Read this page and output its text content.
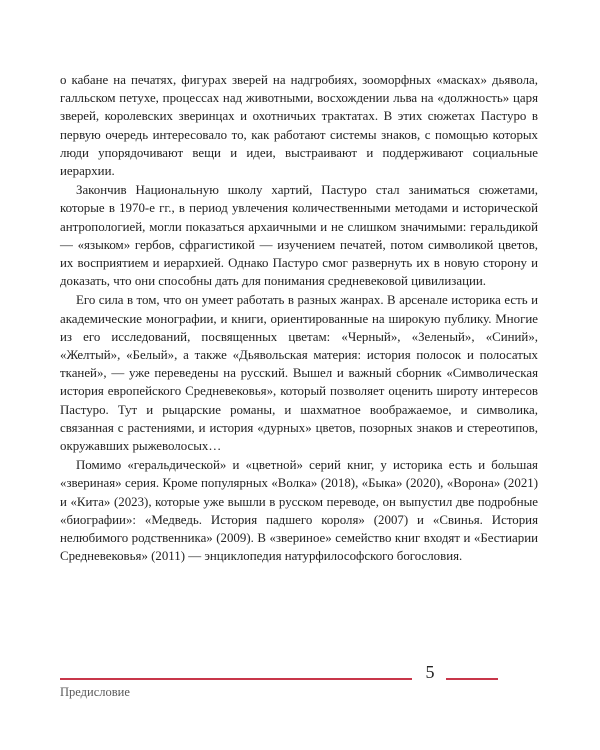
о кабане на печатях, фигурах зверей на надгробиях, зооморфных «масках» дьявола, галльском петухе, процессах над животными, восхождении льва на «должность» царя зверей, королевских зверинцах и охотничьих трактатах. В этих сюжетах Пастуро в первую очередь интересовало то, как работают системы знаков, с помощью которых люди упорядочивают вещи и идеи, выстраивают и поддерживают социальные иерархии.

Закончив Национальную школу хартий, Пастуро стал заниматься сюжетами, которые в 1970-е гг., в период увлечения количественными методами и исторической антропологией, могли показаться архаичными и не слишком значимыми: геральдикой — «языком» гербов, сфрагистикой — изучением печатей, потом символикой цветов, их восприятием и иерархией. Однако Пастуро смог развернуть их в новую сторону и доказать, что они способны дать для понимания средневековой цивилизации.

Его сила в том, что он умеет работать в разных жанрах. В арсенале историка есть и академические монографии, и книги, ориентированные на широкую публику. Многие из его исследований, посвященных цветам: «Черный», «Зеленый», «Синий», «Желтый», «Белый», а также «Дьявольская материя: история полосок и полосатых тканей», — уже переведены на русский. Вышел и важный сборник «Символическая история европейского Средневековья», который позволяет оценить широту интересов Пастуро. Тут и рыцарские романы, и шахматное воображаемое, и символика, связанная с растениями, и история «дурных» цветов, позорных знаков и стереотипов, окружавших рыжеволосых…

Помимо «геральдической» и «цветной» серий книг, у историка есть и большая «звериная» серия. Кроме популярных «Волка» (2018), «Быка» (2020), «Ворона» (2021) и «Кита» (2023), которые уже вышли в русском переводе, он выпустил две подробные «биографии»: «Медведь. История падшего короля» (2007) и «Свинья. История нелюбимого родственника» (2009). В «звериное» семейство книг входят и «Бестиарии Средневековья» (2011) — энциклопедия натурфилософского богословия.

5
Предисловие
